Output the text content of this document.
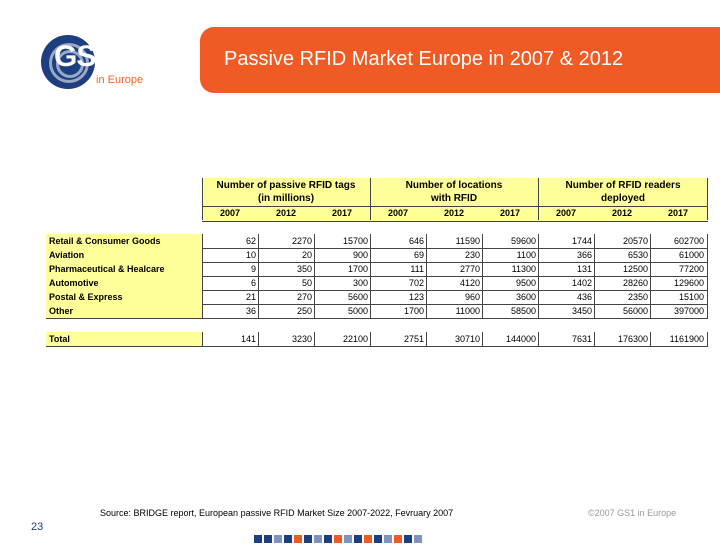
GS1
in Europe
Passive RFID Market Europe in 2007 & 2012
Number of passive RFID tags
(in millions)
Number of locations
with RFID
Number of RFID readers
deployed
2007	2012	2017	2007	2012	2017	2007	2012	2017
Retail & Consumer Goods	62	2270	15700	646	11590	59600	1744	20570	602700
Aviation	10	20	900	69	230	1100	366	6530	61000
Pharmaceutical & Healcare	9	350	1700	111	2770	11300	131	12500	77200
Automotive	6	50	300	702	4120	9500	1402	28260	129600
Postal & Express	21	270	5600	123	960	3600	436	2350	15100
Other	36	250	5000	1700	11000	58500	3450	56000	397000
Total	141	3230	22100	2751	30710	144000	7631	176300	1161900
Source: BRIDGE report, European passive RFID Market Size 2007-2022, Fevruary 2007	©2007 GS1 in Europe
23
